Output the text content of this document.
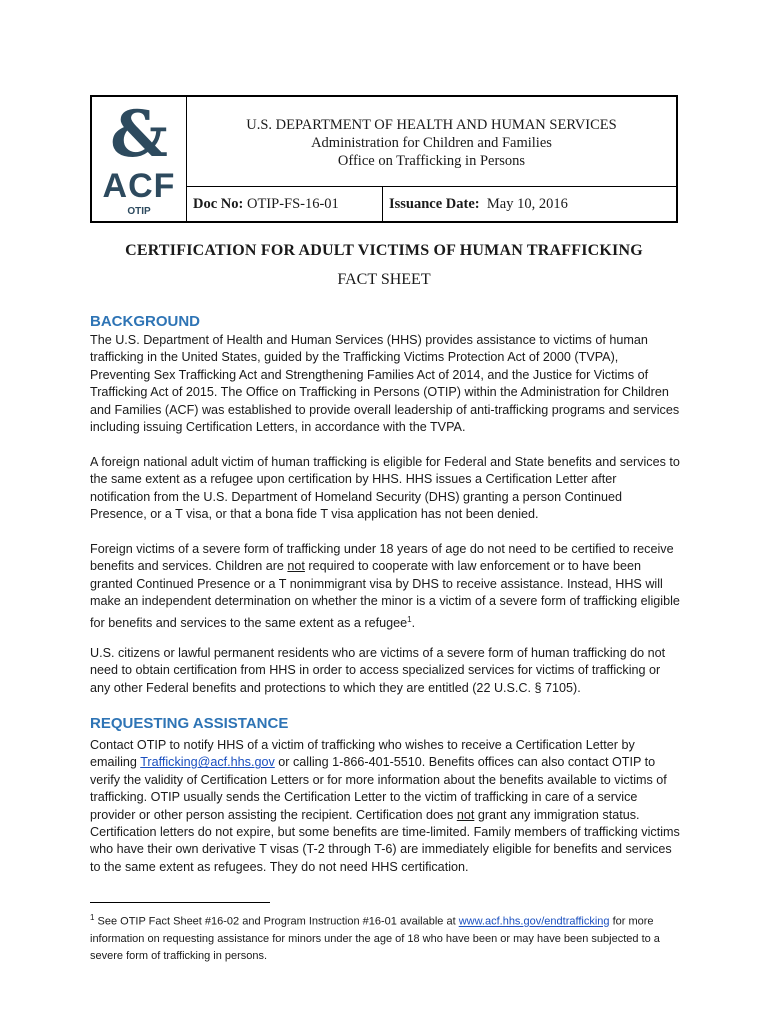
&
ACF
OTIP
U.S. DEPARTMENT OF HEALTH AND HUMAN SERVICES
Administration for Children and Families
Office on Trafficking in Persons
Doc No:
OTIP-FS-16-01	Issuance Date:
May 10, 2016
CERTIFICATION FOR ADULT VICTIMS OF HUMAN TRAFFICKING
FACT SHEET
BACKGROUND

The U.S. Department of Health and Human Services (HHS) provides assistance to victims of human trafficking in the United States, guided by the Trafficking Victims Protection Act of 2000 (TVPA), Preventing Sex Trafficking Act and Strengthening Families Act of 2014, and the Justice for Victims of Trafficking Act of 2015. The Office on Trafficking in Persons (OTIP) within the Administration for Children and Families (ACF) was established to provide overall leadership of anti-trafficking programs and services including issuing Certification Letters, in accordance with the TVPA.

A foreign national adult victim of human trafficking is eligible for Federal and State benefits and services to the same extent as a refugee upon certification by HHS. HHS issues a Certification Letter after notification from the U.S. Department of Homeland Security (DHS) granting a person Continued Presence, or a T visa, or that a bona fide T visa application has not been denied.

Foreign victims of a severe form of trafficking under 18 years of age do not need to be certified to receive benefits and services. Children are not required to cooperate with law enforcement or to have been granted Continued Presence or a T nonimmigrant visa by DHS to receive assistance. Instead, HHS will make an independent determination on whether the minor is a victim of a severe form of trafficking eligible for benefits and services to the same extent as a refugee$^1$.

U.S. citizens or lawful permanent residents who are victims of a severe form of human trafficking do not need to obtain certification from HHS in order to access specialized services for victims of trafficking or any other Federal benefits and protections to which they are entitled (22 U.S.C. § 7105).

REQUESTING ASSISTANCE

Contact OTIP to notify HHS of a victim of trafficking who wishes to receive a Certification Letter by emailing Trafficking@acf.hhs.gov or calling 1-866-401-5510. Benefits offices can also contact OTIP to verify the validity of Certification Letters or for more information about the benefits available to victims of trafficking. OTIP usually sends the Certification Letter to the victim of trafficking in care of a service provider or other person assisting the recipient. Certification does not grant any immigration status. Certification letters do not expire, but some benefits are time-limited. Family members of trafficking victims who have their own derivative T visas (T-2 through T-6) are immediately eligible for benefits and services to the same extent as refugees. They do not need HHS certification.

$^1$ See OTIP Fact Sheet #16-02 and Program Instruction #16-01 available at www.acf.hhs.gov/endtrafficking for more information on requesting assistance for minors under the age of 18 who have been or may have been subjected to a severe form of trafficking in persons.
